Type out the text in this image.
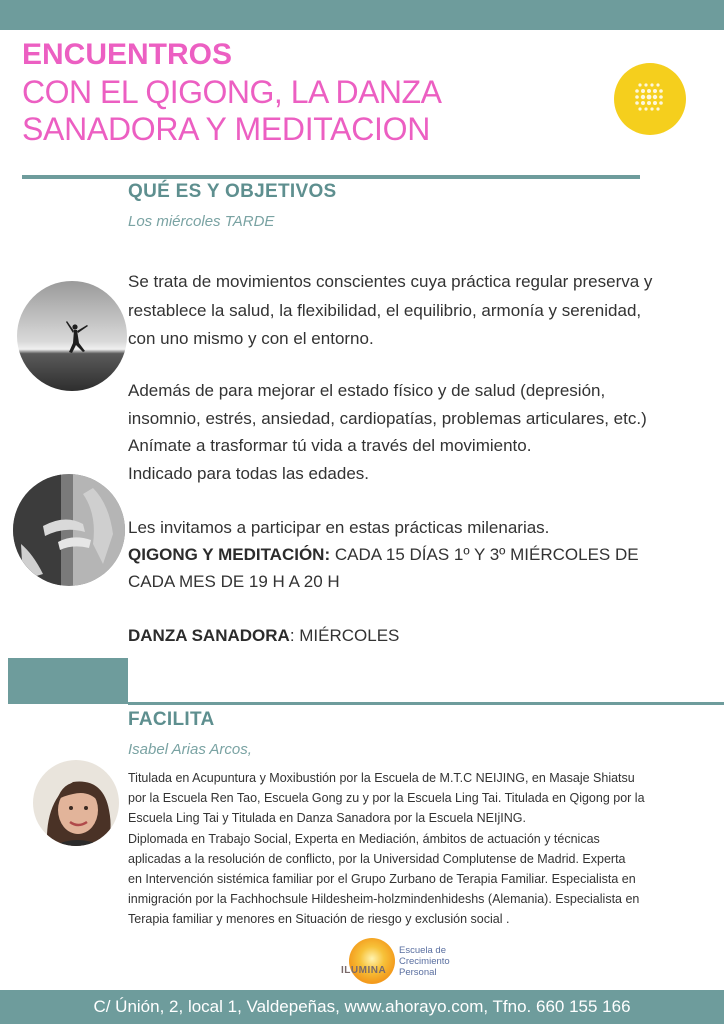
ENCUENTROS
CON EL QIGONG, LA DANZA
SANADORA Y MEDITACION
QUÉ ES Y OBJETIVOS
Los miércoles TARDE
Se trata de movimientos conscientes cuya práctica regular preserva y
restablece la salud, la flexibilidad, el equilibrio, armonía y serenidad,
con uno mismo y con el entorno.
Además de para mejorar el estado físico y de salud (depresión,
insomnio, estrés, ansiedad, cardiopatías, problemas articulares, etc.)
Anímate a trasformar tú vida a través del movimiento.
Indicado para todas las edades.
Les invitamos a participar en estas prácticas milenarias.
QIGONG Y MEDITACIÓN: CADA 15 DÍAS 1º Y 3º MIÉRCOLES DE
CADA MES DE 19 H A 20 H
DANZA SANADORA: MIÉRCOLES
FACILITA
Isabel Arias Arcos,
Titulada en Acupuntura y Moxibustión por la Escuela de M.T.C NEIJING, en Masaje Shiatsu
por la Escuela Ren Tao, Escuela Gong zu y por la Escuela Ling Tai. Titulada en Qigong por la
Escuela Ling Tai y Titulada en Danza Sanadora por la Escuela NEIjING.
Diplomada en Trabajo Social, Experta en Mediación, ámbitos de actuación y técnicas
aplicadas a la resolución de conflicto, por la Universidad Complutense de Madrid. Experta
en Intervención sistémica familiar por el Grupo Zurbano de Terapia Familiar. Especialista en
inmigración por la Fachhochsule Hildesheim-holzmindenhideshs (Alemania). Especialista en
Terapia familiar y menores en Situación de riesgo y exclusión social .
ILUMINA
Escuela de
Crecimiento
Personal
C/ Únión, 2, local 1, Valdepeñas, www.ahorayo.com, Tfno. 660 155 166
